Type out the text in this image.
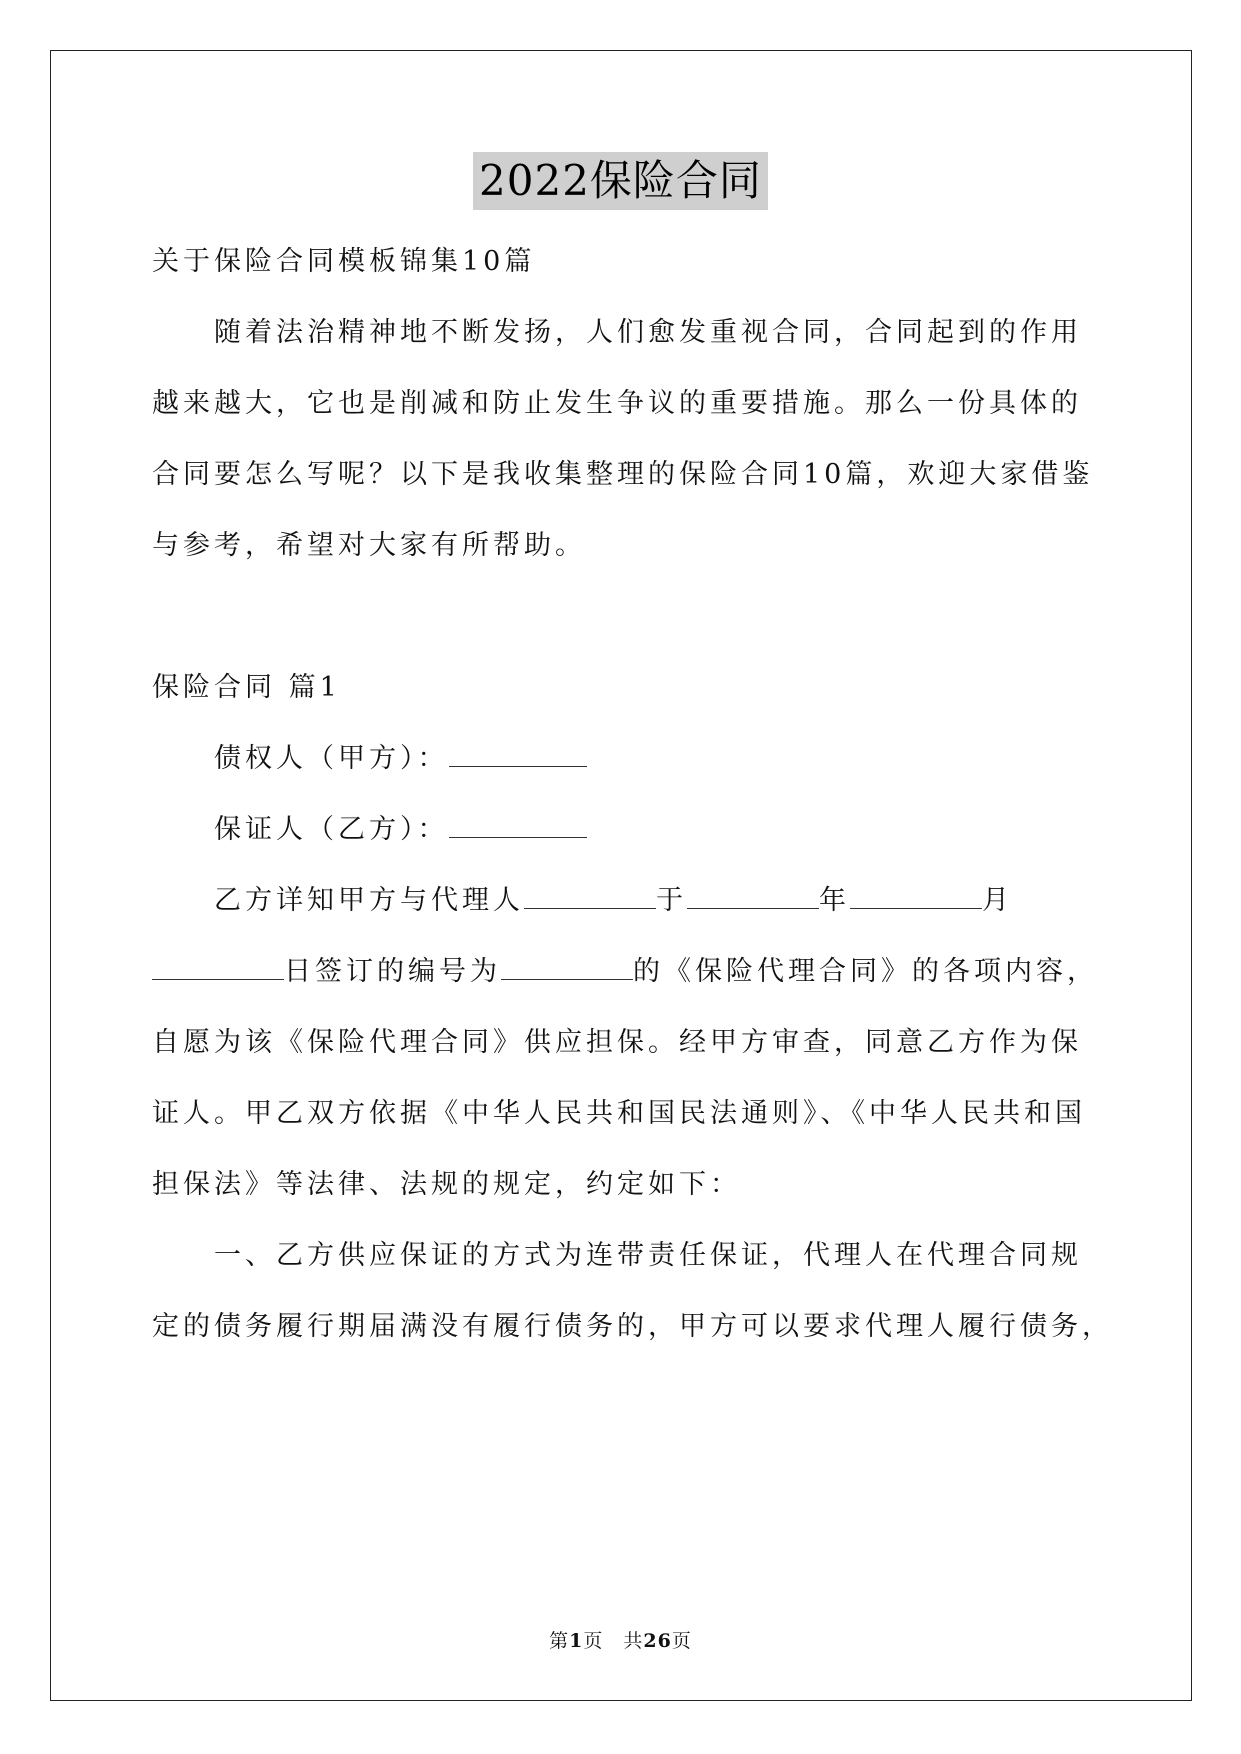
2022保险合同
关于保险合同模板锦集10篇
随着法治精神地不断发扬，人们愈发重视合同，合同起到的作用
越来越大，它也是削减和防止发生争议的重要措施。那么一份具体的
合同要怎么写呢？以下是我收集整理的保险合同10篇，欢迎大家借鉴
与参考，希望对大家有所帮助。
保险合同 篇1
债权人（甲方）：
保证人（乙方）：
乙方详知甲方与代理人	于	年	月
日签订的编号为	的《保险代理合同》的各项内容，
自愿为该《保险代理合同》供应担保。经甲方审查，同意乙方作为保
证人。甲乙双方依据《中华人民共和国民法通则》、《中华人民共和国
担保法》等法律、法规的规定，约定如下：
一、乙方供应保证的方式为连带责任保证，代理人在代理合同规
定的债务履行期届满没有履行债务的，甲方可以要求代理人履行债务，
第1页　共26页
